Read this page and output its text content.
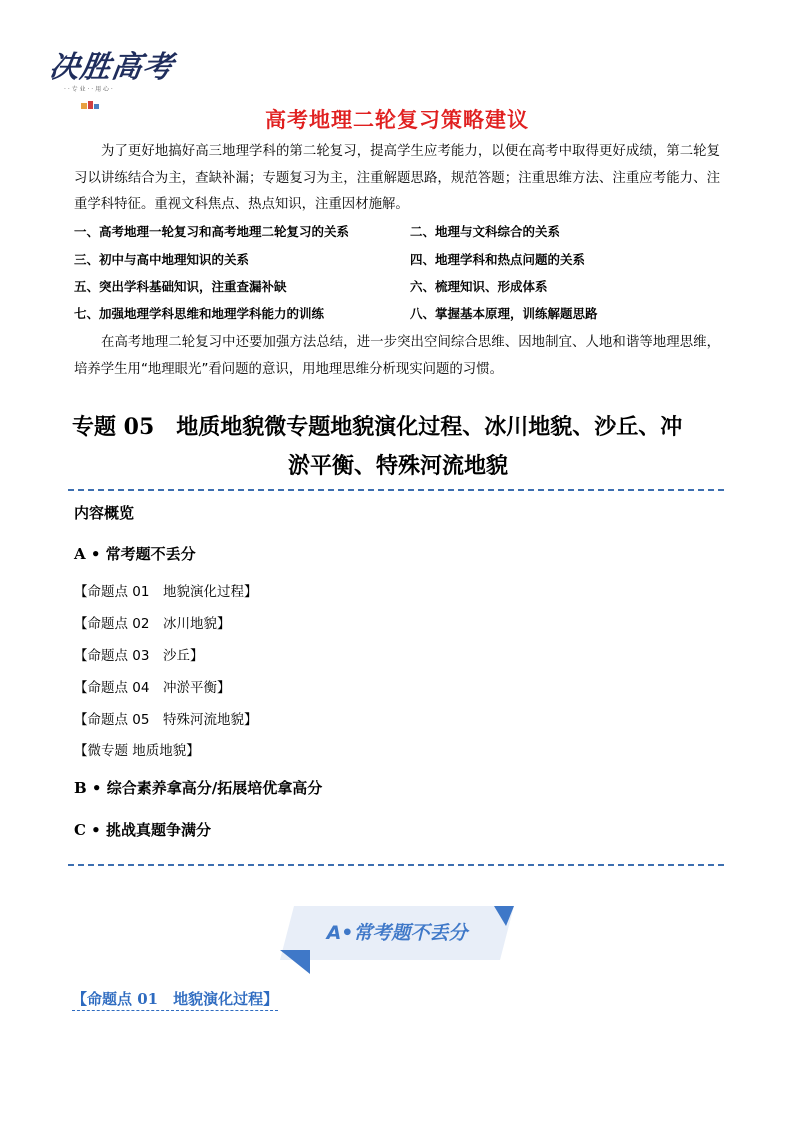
决胜高考
· · 专 业 · · 用 心 ·
高考地理二轮复习策略建议

为了更好地搞好高三地理学科的第二轮复习，提高学生应考能力，以便在高考中取得更好成绩，第二轮复习以讲练结合为主，查缺补漏；专题复习为主，注重解题思路，规范答题；注重思维方法、注重应考能力、注重学科特征。重视文科焦点、热点知识，注重因材施解。

一、高考地理一轮复习和高考地理二轮复习的关系	二、地理与文科综合的关系
三、初中与高中地理知识的关系	四、地理学科和热点问题的关系
五、突出学科基础知识，注重查漏补缺	六、梳理知识、形成体系
七、加强地理学科思维和地理学科能力的训练	八、掌握基本原理，训练解题思路

在高考地理二轮复习中还要加强方法总结，进一步突出空间综合思维、因地制宜、人地和谐等地理思维，培养学生用“地理眼光”看问题的意识，用地理思维分析现实问题的习惯。

专题 05　地质地貌微专题地貌演化过程、冰川地貌、沙丘、冲
淤平衡、特殊河流地貌
内容概览
A • 常考题不丢分
【命题点 01　地貌演化过程】
【命题点 02　冰川地貌】
【命题点 03　沙丘】
【命题点 04　冲淤平衡】
【命题点 05　特殊河流地貌】
【微专题 地质地貌】
B • 综合素养拿高分/拓展培优拿高分
C • 挑战真题争满分
A•常考题不丢分
【命题点 01　地貌演化过程】
